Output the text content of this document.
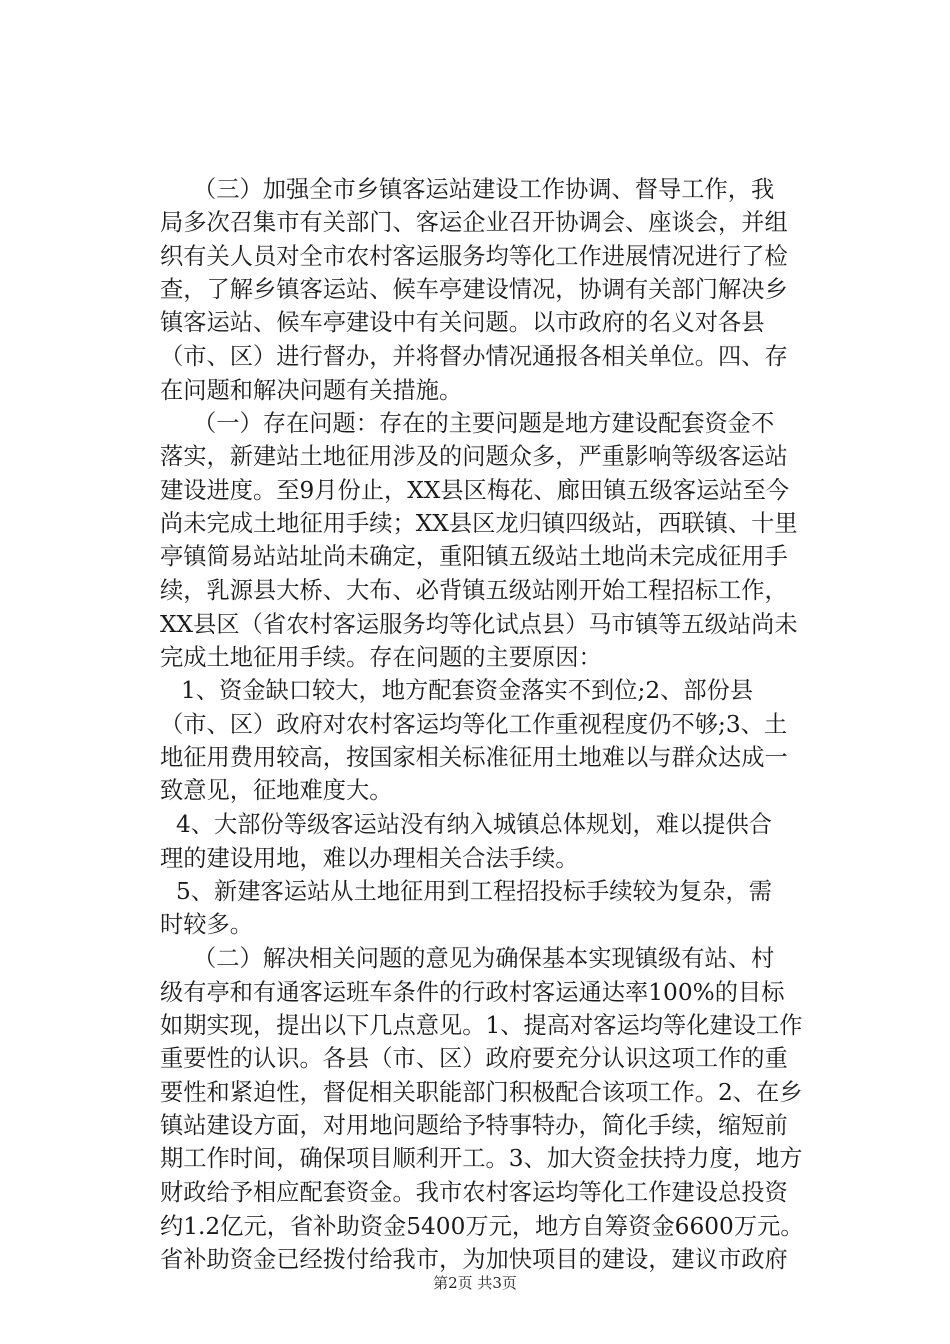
（三）加强全市乡镇客运站建设工作协调、督导工作，我
局多次召集市有关部门、客运企业召开协调会、座谈会，并组
织有关人员对全市农村客运服务均等化工作进展情况进行了检
查，了解乡镇客运站、候车亭建设情况，协调有关部门解决乡
镇客运站、候车亭建设中有关问题。以市政府的名义对各县
（市、区）进行督办，并将督办情况通报各相关单位。四、存
在问题和解决问题有关措施。
（一）存在问题：存在的主要问题是地方建设配套资金不
落实，新建站土地征用涉及的问题众多，严重影响等级客运站
建设进度。至9月份止，XX县区梅花、廊田镇五级客运站至今
尚未完成土地征用手续；XX县区龙归镇四级站，西联镇、十里
亭镇简易站站址尚未确定，重阳镇五级站土地尚未完成征用手
续，乳源县大桥、大布、必背镇五级站刚开始工程招标工作，
XX县区（省农村客运服务均等化试点县）马市镇等五级站尚未
完成土地征用手续。存在问题的主要原因：
1、资金缺口较大，地方配套资金落实不到位;2、部份县
（市、区）政府对农村客运均等化工作重视程度仍不够;3、土
地征用费用较高，按国家相关标准征用土地难以与群众达成一
致意见，征地难度大。
4、大部份等级客运站没有纳入城镇总体规划，难以提供合
理的建设用地，难以办理相关合法手续。
5、新建客运站从土地征用到工程招投标手续较为复杂，需
时较多。
（二）解决相关问题的意见为确保基本实现镇级有站、村
级有亭和有通客运班车条件的行政村客运通达率100%的目标
如期实现，提出以下几点意见。1、提高对客运均等化建设工作
重要性的认识。各县（市、区）政府要充分认识这项工作的重
要性和紧迫性，督促相关职能部门积极配合该项工作。2、在乡
镇站建设方面，对用地问题给予特事特办，简化手续，缩短前
期工作时间，确保项目顺利开工。3、加大资金扶持力度，地方
财政给予相应配套资金。我市农村客运均等化工作建设总投资
约1.2亿元，省补助资金5400万元，地方自筹资金6600万元。
省补助资金已经拨付给我市，为加快项目的建设，建议市政府
第2页 共3页
